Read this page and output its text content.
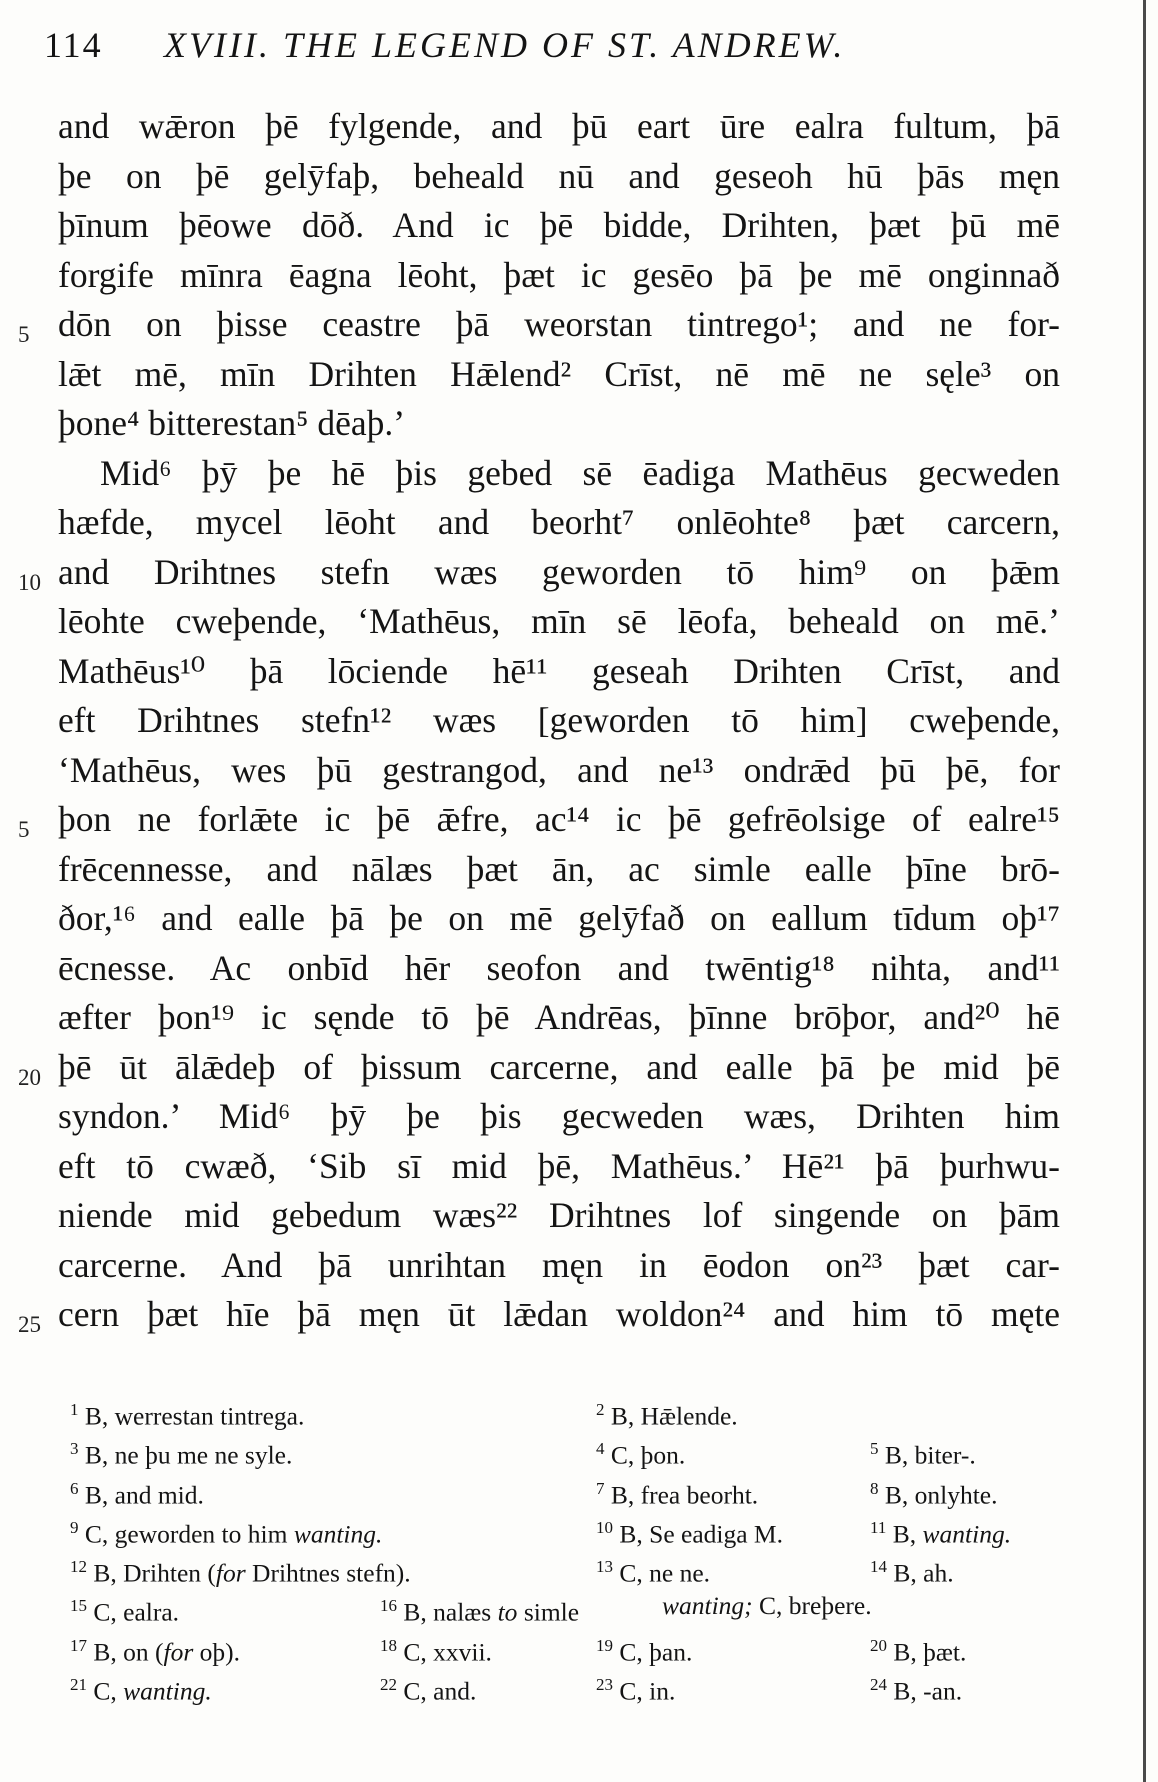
114 XVIII. THE LEGEND OF ST. ANDREW.
and wǣron þē fylgende, and þū eart ūre ealra fultum, þā
þe on þē gelȳfaþ, beheald nū and geseoh hū þās męn
þīnum þēowe dōð. And ic þē bidde, Drihten, þæt þū mē
forgife mīnra ēagna lēoht, þæt ic gesēo þā þe mē onginnað
5 dōn on þisse ceastre þā weorstan tintrego¹; and ne for-
lǣt mē, mīn Drihten Hǣlend² Crīst, nē mē ne sęle³ on
þone⁴ bitterestan⁵ dēaþ.’
Mid⁶ þȳ þe hē þis gebed sē ēadiga Mathēus gecweden
hæfde, mycel lēoht and beorht⁷ onlēohte⁸ þæt carcern,
10 and Drihtnes stefn wæs geworden tō him⁹ on þǣm
lēohte cweþende, ‘Mathēus, mīn sē lēofa, beheald on mē.’
Mathēus¹⁰ þā lōciende hē¹¹ geseah Drihten Crīst, and
eft Drihtnes stefn¹² wæs [geworden tō him] cweþende,
‘Mathēus, wes þū gestrangod, and ne¹³ ondrǣd þū þē, for
5 þon ne forlǣte ic þē ǣfre, ac¹⁴ ic þē gefrēolsige of ealre¹⁵
frēcennesse, and nālæs þæt ān, ac simle ealle þīne brō-
ðor,¹⁶ and ealle þā þe on mē gelȳfað on eallum tīdum oþ¹⁷
ēcnesse. Ac onbīd hēr seofon and twēntig¹⁸ nihta, and¹¹
æfter þon¹⁹ ic sęnde tō þē Andrēas, þīnne brōþor, and²⁰ hē
20 þē ūt ālǣdeþ of þissum carcerne, and ealle þā þe mid þē
syndon.’ Mid⁶ þȳ þe þis gecweden wæs, Drihten him
eft tō cwæð, ‘Sib sī mid þē, Mathēus.’ Hē²¹ þā þurhwu-
niende mid gebedum wæs²² Drihtnes lof singende on þām
carcerne. And þā unrihtan męn in ēodon on²³ þæt car-
25 cern þæt hīe þā męn ūt lǣdan woldon²⁴ and him tō męte
$^1$ B, werrestan tintrega.	$^2$ B, Hǣlende.
$^3$ B, ne þu me ne syle.	$^4$ C, þon.	$^5$ B, biter-.
$^6$ B, and mid.	$^7$ B, frea beorht.	$^8$ B, onlyhte.
$^9$ C, geworden to him wanting.	$^{10}$ B, Se eadiga M.	$^{11}$ B, wanting.
$^{12}$ B, Drihten (for Drihtnes stefn).	$^{13}$ C, ne ne.	$^{14}$ B, ah.
$^{15}$ C, ealra.	$^{16}$ B, nalæs to simle	wanting; C, breþere.
$^{17}$ B, on (for oþ).	$^{18}$ C, xxvii.	$^{19}$ C, þan.	$^{20}$ B, þæt.
$^{21}$ C, wanting.	$^{22}$ C, and.	$^{23}$ C, in.	$^{24}$ B, -an.
